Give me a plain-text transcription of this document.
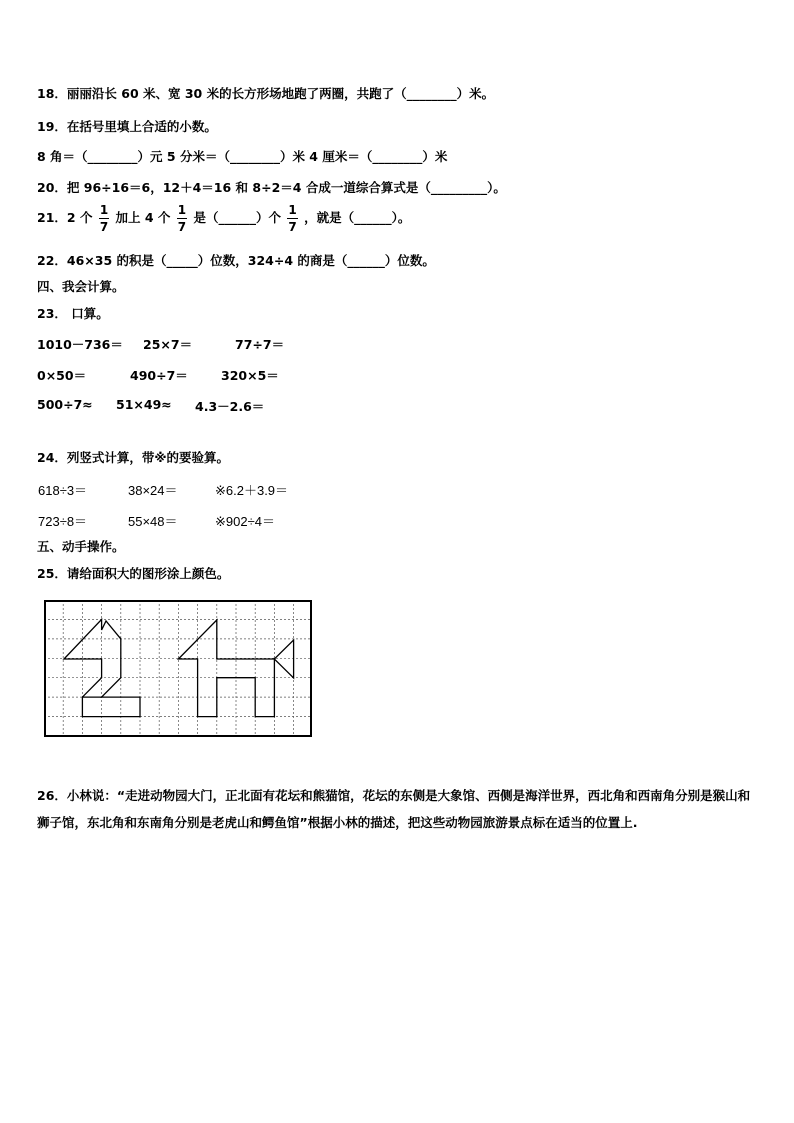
18．丽丽沿长 60 米、宽 30 米的长方形场地跑了两圈，共跑了（________）米。
19．在括号里填上合适的小数。
8 角＝（________）元 5 分米＝（________）米 4 厘米＝（________）米
20．把 96÷16＝6，12＋4＝16 和 8÷2＝4 合成一道综合算式是（_________）。
21．2 个 $\frac{1}{7}$ 加上 4 个 $\frac{1}{7}$ 是（______）个 $\frac{1}{7}$ ，就是（______）。
22．46×35 的积是（_____）位数，324÷4 的商是（______）位数。
四、我会计算。
23． 口算。
1010－736＝ 25×7＝	77÷7＝
0×50＝	490÷7＝	320×5＝
500÷7≈ 51×49≈ 4.3－2.6＝
24．列竖式计算，带※的要验算。
618÷3＝	38×24＝	※6.2＋3.9＝
723÷8＝	55×48＝	※902÷4＝
五、动手操作。
25．请给面积大的图形涂上颜色。
26．小林说：“走进动物园大门，正北面有花坛和熊猫馆，花坛的东侧是大象馆、西侧是海洋世界，西北角和西南角分别是猴山和狮子馆，东北角和东南角分别是老虎山和鳄鱼馆”根据小林的描述，把这些动物园旅游景点标在适当的位置上.
